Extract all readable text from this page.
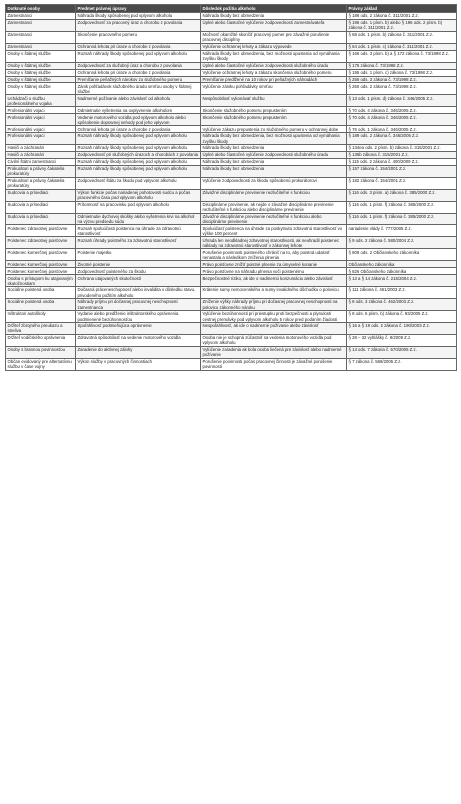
Dotknuté osoby	Predmet právnej úpravy	Dôsledok požitia alkoholu	Právny základ
Zamestnanci	Náhrada škody spôsobenej pod vplyvom alkoholu	Náhrada škody bez obmedzenia	§ 186 ods. 2 zákona č. 311/2001 Z.z.
Zamestnanci	Zodpovednosť za pracovný úraz a chorobu z povolania	Úplné alebo čiastočné vylúčenie zodpovednosti zamestnávateľa	§ 196 ods. 1 písm. b) alebo § 196 ods. 2 písm. b) zákona č. 311/2001 Z.z.
Zamestnanci	Skončenie pracovného pomeru	Možnosť okamžité skončiť pracovný pomer pre závažné porušenie pracovnej disciplíny	§ 68 ods. 1 písm. b) zákona č. 311/2001 Z.z.
Zamestnanci	Ochranná lehota pri úraze a chorobe z povolania	Vylúčenie ochrannej lehoty a zákazu výpovede	§ 64 ods. 1 písm. c) zákona č. 311/2001 Z.z.
Osoby v štátnej službe	Rozsah náhrady škody spôsobenej pod vplyvom alkoholu	Náhrada škody bez obmedzenia, bez možnosti upustenia od vymáhania zvyšku škody	§ 166 ods. 3 písm. b) a § 172 zákona č. 73/1998 Z.z.
Osoby v štátnej službe	Zodpovednosť za služobný úraz a chorobu z povolania	Úplné alebo čiastočné vylúčenie zodpovednosti služobného úradu	§ 175 zákona č. 73/1998 Z.z.
Osoby v štátnej službe	Ochranná lehota pri úraze a chorobe z povolania	Vylúčenie ochrannej lehoty a zákazu skončenia služobného pomeru	§ 195 ods. 1 písm. c) zákona č. 73/1998 Z.z.
Osoby v štátnej službe	Premlčanie peňažných nárokov zo služobného pomeru	Premlčanie predĺžené na 10 rokov pri peňažných náhradách	§ 256 ods. 3 zákona č. 73/1998 Z.z.
Osoby v štátnej službe	Zánik pohľadávok služobného úradu smrťou osoby v štátnej službe	Vylúčenie zániku pohľadávky smrťou	§ 260 ods. 2 zákona č. 73/1998 Z.z.
Uchádzači o službu profesionálneho vojaka	Nadmerné požívanie alebo závislosť od alkoholu	Nespôsobilosť vykonávať službu	§ 13 ods. 1 písm. d) zákona č. 346/2005 Z.z.
Profesionálni vojaci	Odmietnutie vyšetrenia na ovplyvnenie alkoholom	Skončenie služobného pomeru prepustením	§ 70 ods. 4 zákona č. 346/2005 Z.z.
Profesionálni vojaci	Vedenie motorového vozidla pod vplyvom alkoholu alebo spôsobenie dopravnej nehody pod jeho vplyvom	Skončenie služobného pomeru prepustením	§ 70 ods. 4 zákona č. 346/2005 Z.z.
Profesionálni vojaci	Ochranná lehota pri úraze a chorobe z povolania	Vylúčenie zákazu prepustenia zo služobného pomeru v ochrannej dobe	§ 76 ods. 1 zákona č. 346/2005 Z.z.
Profesionálni vojaci	Rozsah náhrady škody spôsobenej pod vplyvom alkoholu	Náhrada škody bez obmedzenia, bez možnosti upustenia od vymáhania zvyšku škody	§ 189 ods. 2 zákona č. 346/2005 Z.z.
Hasiči a záchranári	Rozsah náhrady škody spôsobenej pod vplyvom alkoholu	Náhrada škody bez obmedzenia	§ 134ea ods. 2 písm. b) zákona č. 315/2001 Z.z.
Hasiči a záchranári	Zodpovednosť pri služobných úrazoch a chorobách z povolania	Úplné alebo čiastočné vylúčenie zodpovednosti služobného úradu	§ 135b zákona č. 315/2001 Z.z.
Civilní štátni zamestnanci	Rozsah náhrady škody spôsobenej pod vplyvom alkoholu	Náhrada škody bez obmedzenia	§ 115 ods. 2 zákona č. 400/2009 Z.z.
Prokurátori a právny čakatelia prokuratúry	Rozsah náhrady škody spôsobenej pod vplyvom alkoholu	Náhrada škody bez obmedzenia	§ 157 zákona č. 154/2001 Z.z.
Prokurátori a právny čakatelia prokuratúry	Zodpovednosť štátu za škodu pod vplyvom alkoholu	Vylúčenie zodpovednosti za škodu spôsobenú prokurátorovi	§ 182 zákona č. 154/2001 Z.z.
Sudcovia a prísediaci	Výkon funkcie počas nariadenej pohotovosti sudcu a počas pracovného času pod vplyvom alkoholu	Závažné disciplinárne previnenie nezlučiteľné s funkciou	§ 116 ods. 3 písm. a) zákona č. 385/2000 Z.z.
Sudcovia a prísediaci	Prítomnosť na pracovisku pod vplyvom alkoholu	Disciplinárne previnenie, ak nejde o závažné disciplinárne previnenie nezlučiteľné s funkciou alebo disciplinárne previnenie	§ 116 ods. 1 písm. f) zákona č. 385/2000 Z.z.
Sudcovia a prísediaci	Odmietnutie dychovej skúšky alebo vyšetrenia krvi na alkohol na výzvu predsedu súdu	Závažné disciplinárne previnenie nezlučiteľné s funkciou alebo disciplinárne previnenie	§ 116 ods. 1 písm. f) zákona č. 385/2000 Z.z.
Poistenec zdravotnej poisťovne	Rozsah spoluúčasti poistenca na úhrade za zdravotnú starostlivosť	Spoluúčasť poistenca na úhrade za poskytnutú zdravotnú starostlivosť vo výške 100 percent	nariadenie vlády č. 777/2005 Z.z.
Poistenec zdravotnej poisťovne	Rozsah úhrady poistného za zdravotnú starostlivosť	Úhrada len neodkladnej zdravotnej starostlivosti, ak neuhradil poistenec náklady na zdravotnú starostlivosť v zákonnej lehote	§ 9 ods. 2 zákona č. 580/2004 Z.z.
Poistenec komerčnej poisťovne	Poistenie majetku	Porušenie povinnosti poisteného chrániť na to, aby poistná udalosť nenastala a následkom zníženia plnenia	§ 809 ods. 2 Občianskeho zákonníka
Poistenec komerčnej poisťovne	Životné poistenie	Právo poisťovne znížiť poistné plnenie za úmyselné konanie	Občianskeho zákonníka
Poistenec komerčnej poisťovne	Zodpovednosť poisteného za škodu	Právo poisťovne na náhradu plnenia voči poistenému	§ 826 Občianskeho zákonníka
Osoba s prístupom ku utajovaným skutočnostiam	Ochrana utajovaných skutočností	Bezpečnostné riziko, ak ide o nadmernú konzumáciu alebo závislosť	§ 13 a § 14 zákona č. 215/2004 Z.z.
Sociálne poistená osoba	Dočasná práceneschopnosť alebo invalidita v dôsledku stavu, privodeného požitím alkoholu	Krátenie sumy nemocenského a sumy invalidného dôchodku o polovicu	§ 111 zákona č. 461/2003 Z.z.
Sociálne poistená osoba	Náhrady príjmu pri dočasnej pracovnej neschopnosti zamestnanca	Zníženie výšky náhrady príjmu pri dočasnej pracovnej neschopnosti na polovicu zákonného nároku	§ 8 ods. 3 zákona č. 462/2003 Z.z.
Inštruktori autoškoly	Vydanie alebo predĺženie inštruktorského oprávnenia podmienené bezúhonnosťou	Vylúčenie bezúhonnosti pri priestupku proti bezpečnosti a plynulosti cestnej premávky pod vplyvom alkoholu 5 rokov pred podaním žiadosti	§ 8 ods. 6 písm. b) zákona č. 93/2005 Z.z.
Držiteľ zbrojného preukazu a streliva	Spoľahlivosť podmieňujúca oprávnenie	Nespoľahlivosť, ak ide o nadmerné požívanie alebo závislosť	§ 16 a § 19 ods. 2 zákona č. 190/2003 Z.z.
Držiteľ vodičského oprávnenia	Zdravotná spôsobilosť na vedenie motorového vozidla	Osoba nie je schopná zúčastniť sa vedenia motorového vozidla pod vplyvom alkoholu	§ 28 – 32 vyhlášky č. 9/2009 Z.z.
Osoby s brannou povinnosťou	Zaradenie do aktívnej zálohy	Vylúčenie zaradenia ak bola osoba liečená pre závislosť alebo nadmerné požívanie	§ 14 ods. 7 zákona č. 570/2005 Z.z.
Občan evidovaný pre alternatívnu službu v čase vojny	Výkon služby v pracovných činnostiach	Porušenie povinnosti počas pracovnej činnosti je závažné porušenie povinností	§ 7 zákona č. 569/2005 Z.z.
